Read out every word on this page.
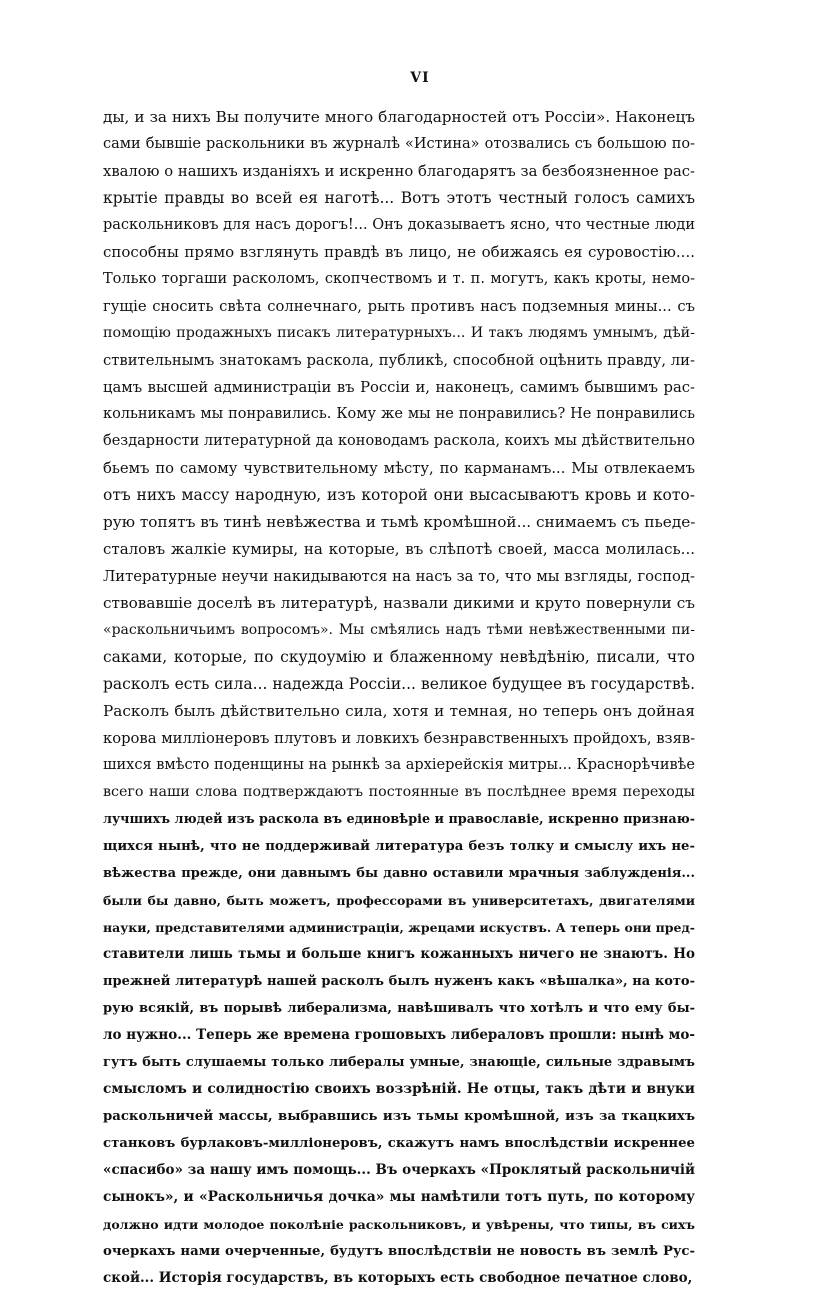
VI
ды, и за нихъ Вы получите много благодарностей отъ Россіи». Наконецъ
сами бывшіе раскольники въ журналѣ «Истина» отозвались съ большою по-
хвалою о нашихъ изданіяхъ и искренно благодарятъ за безбоязненное рас-
крытіе правды во всей ея наготѣ... Вотъ этотъ честный голосъ самихъ
раскольниковъ для насъ дорогъ!... Онъ доказываетъ ясно, что честные люди
способны прямо взглянуть правдѣ въ лицо, не обижаясь ея суровостію....
Только торгаши расколомъ, скопчествомъ и т. п. могутъ, какъ кроты, немо-
гущіе сносить свѣта солнечнаго, рыть противъ насъ подземныя мины... съ
помощію продажныхъ писакъ литературныхъ... И такъ людямъ умнымъ, дѣй-
ствительнымъ знатокамъ раскола, публикѣ, способной оцѣнить правду, ли-
цамъ высшей администраціи въ Россіи и, наконецъ, самимъ бывшимъ рас-
кольникамъ мы понравились. Кому же мы не понравились? Не понравились
бездарности литературной да коноводамъ раскола, коихъ мы дѣйствительно
бьемъ по самому чувствительному мѣсту, по карманамъ... Мы отвлекаемъ
отъ нихъ массу народную, изъ которой они высасываютъ кровь и кото-
рую топятъ въ тинѣ невѣжества и тьмѣ кромѣшной... снимаемъ съ пьеде-
сталовъ жалкіе кумиры, на которые, въ слѣпотѣ своей, масса молилась...
Литературные неучи накидываются на насъ за то, что мы взгляды, господ-
ствовавшіе доселѣ въ литературѣ, назвали дикими и круто повернули съ
«раскольничьимъ вопросомъ». Мы смѣялись надъ тѣми невѣжественными пи-
саками, которые, по скудоумію и блаженному невѣдѣнію, писали, что
расколъ есть сила... надежда Россіи... великое будущее въ государствѣ.
Расколъ былъ дѣйствительно сила, хотя и темная, но теперь онъ дойная
корова милліонеровъ плутовъ и ловкихъ безнравственныхъ пройдохъ, взяв-
шихся вмѣсто поденщины на рынкѣ за архіерейскія митры... Краснорѣчивѣе
всего наши слова подтверждаютъ постоянные въ послѣднее время переходы
лучшихъ людей изъ раскола въ единовѣріе и православіе, искренно признаю-
щихся нынѣ, что не поддерживай литература безъ толку и смыслу ихъ не-
вѣжества прежде, они давнымъ бы давно оставили мрачныя заблужденія...
были бы давно, быть можетъ, профессорами въ университетахъ, двигателями
науки, представителями администраціи, жрецами искуствъ. А теперь они пред-
ставители лишь тьмы и больше книгъ кожанныхъ ничего не знаютъ. Но
прежней литературѣ нашей расколъ былъ нуженъ какъ «вѣшалка», на кото-
рую всякій, въ порывѣ либерализма, навѣшивалъ что хотѣлъ и что ему бы-
ло нужно... Теперь же времена грошовыхъ либераловъ прошли: нынѣ мо-
гутъ быть слушаемы только либералы умные, знающіе, сильные здравымъ
смысломъ и солидностію своихъ воззрѣній. Не отцы, такъ дѣти и внуки
раскольничей массы, выбравшись изъ тьмы кромѣшной, изъ за ткацкихъ
станковъ бурлаковъ-милліонеровъ, скажутъ намъ впослѣдствіи искреннее
«спасибо» за нашу имъ помощь... Въ очеркахъ «Проклятый раскольничій
сынокъ», и «Раскольничья дочка» мы намѣтили тотъ путь, по которому
должно идти молодое поколѣніе раскольниковъ, и увѣрены, что типы, въ сихъ
очеркахъ нами очерченные, будутъ впослѣдствіи не новость въ землѣ Рус-
ской... Исторія государствъ, въ которыхъ есть свободное печатное слово,
